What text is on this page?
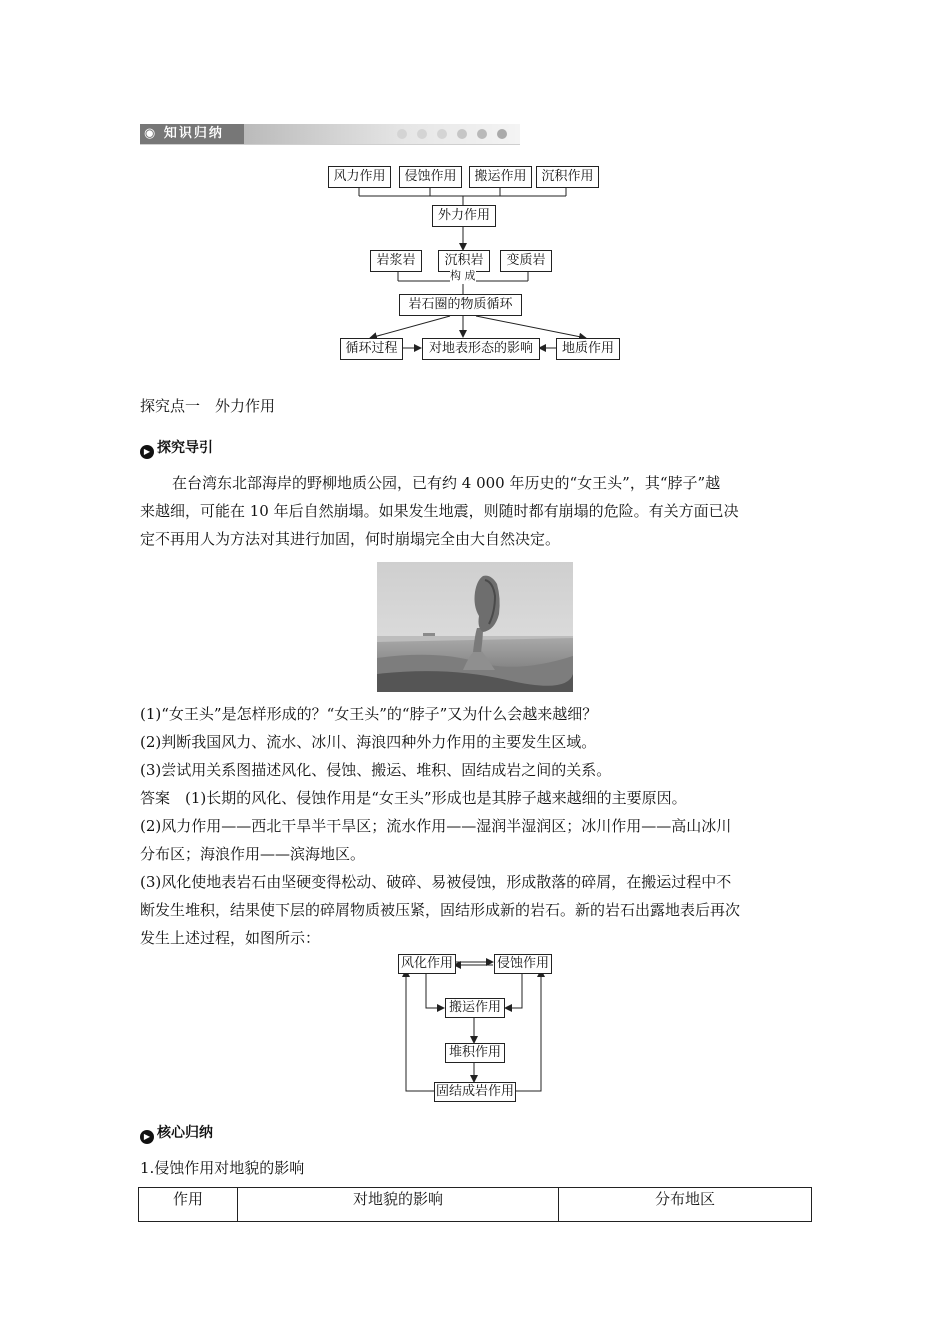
◉ 知识归纳
风力作用	侵蚀作用	搬运作用	沉积作用
外力作用
岩浆岩	沉积岩	变质岩
构 成
岩石圈的物质循环
循环过程	对地表形态的影响	地质作用
探究点一　外力作用
▶ 探究导引
在台湾东北部海岸的野柳地质公园，已有约 4 000 年历史的“女王头”，其“脖子”越
来越细，可能在 10 年后自然崩塌。如果发生地震，则随时都有崩塌的危险。有关方面已决
定不再用人为方法对其进行加固，何时崩塌完全由大自然决定。
(1)“女王头”是怎样形成的？“女王头”的“脖子”又为什么会越来越细？
(2)判断我国风力、流水、冰川、海浪四种外力作用的主要发生区域。
(3)尝试用关系图描述风化、侵蚀、搬运、堆积、固结成岩之间的关系。
答案　(1)长期的风化、侵蚀作用是“女王头”形成也是其脖子越来越细的主要原因。
(2)风力作用——西北干旱半干旱区；流水作用——湿润半湿润区；冰川作用——高山冰川
分布区；海浪作用——滨海地区。
(3)风化使地表岩石由坚硬变得松动、破碎、易被侵蚀，形成散落的碎屑，在搬运过程中不
断发生堆积，结果使下层的碎屑物质被压紧，固结形成新的岩石。新的岩石出露地表后再次
发生上述过程，如图所示：
风化作用	侵蚀作用
搬运作用
堆积作用
固结成岩作用
▶ 核心归纳
1.侵蚀作用对地貌的影响
作用	对地貌的影响	分布地区
